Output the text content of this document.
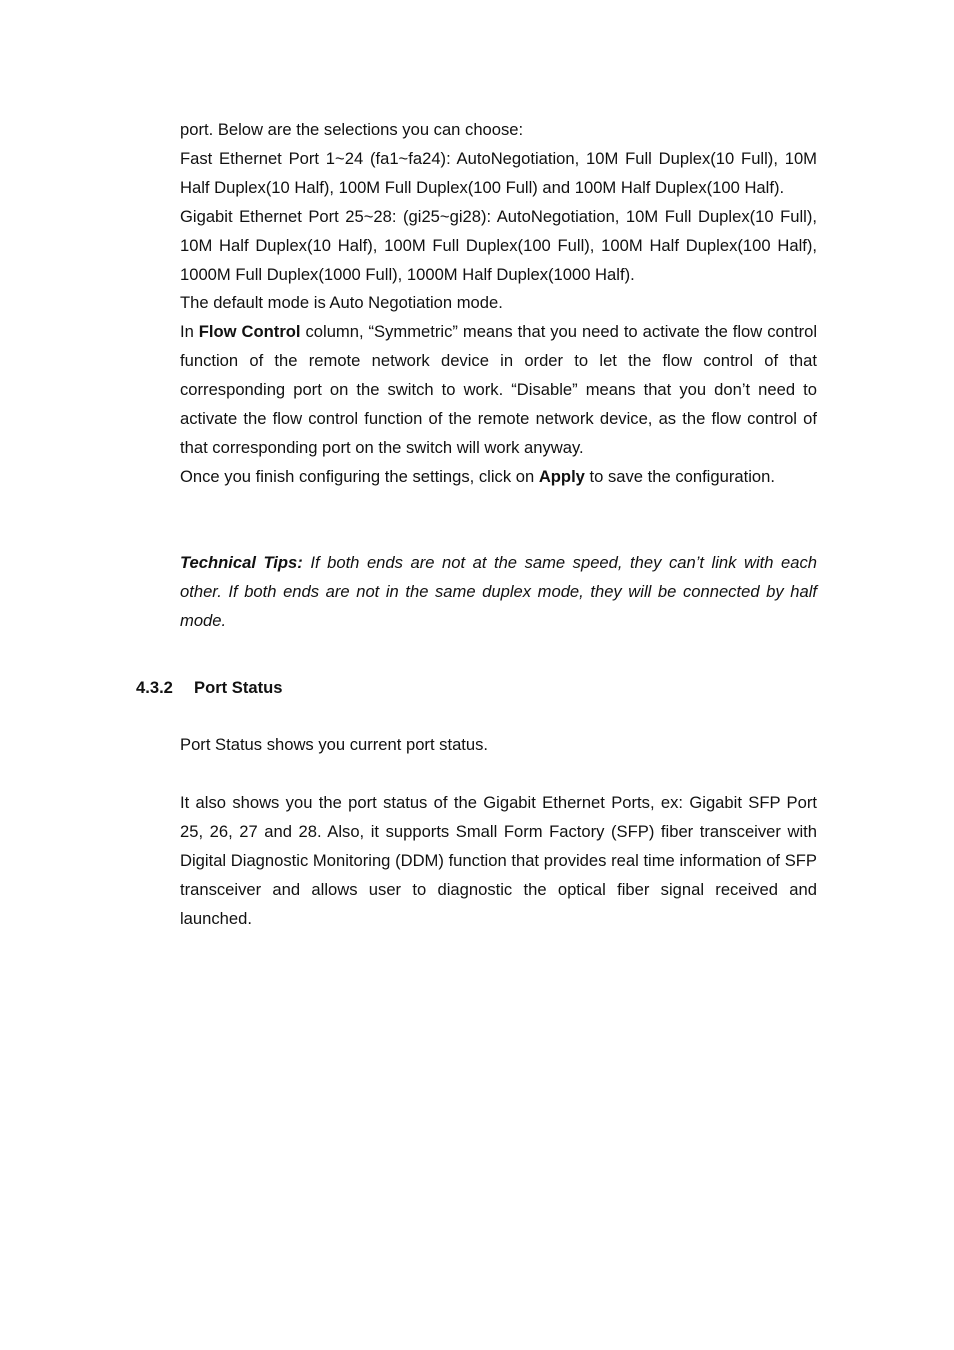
port. Below are the selections you can choose:

Fast Ethernet Port 1~24 (fa1~fa24): AutoNegotiation, 10M Full Duplex(10 Full), 10M Half Duplex(10 Half), 100M Full Duplex(100 Full) and 100M Half Duplex(100 Half).

Gigabit Ethernet Port 25~28: (gi25~gi28): AutoNegotiation, 10M Full Duplex(10 Full), 10M Half Duplex(10 Half), 100M Full Duplex(100 Full), 100M Half Duplex(100 Half), 1000M Full Duplex(1000 Full), 1000M Half Duplex(1000 Half).

The default mode is Auto Negotiation mode.

In Flow Control column, “Symmetric” means that you need to activate the flow control function of the remote network device in order to let the flow control of that corresponding port on the switch to work. “Disable” means that you don’t need to activate the flow control function of the remote network device, as the flow control of that corresponding port on the switch will work anyway.

Once you finish configuring the settings, click on Apply to save the configuration.

Technical Tips: If both ends are not at the same speed, they can’t link with each other. If both ends are not in the same duplex mode, they will be connected by half mode.

4.3.2 Port Status

Port Status shows you current port status.

It also shows you the port status of the Gigabit Ethernet Ports, ex: Gigabit SFP Port 25, 26, 27 and 28. Also, it supports Small Form Factory (SFP) fiber transceiver with Digital Diagnostic Monitoring (DDM) function that provides real time information of SFP transceiver and allows user to diagnostic the optical fiber signal received and launched.
